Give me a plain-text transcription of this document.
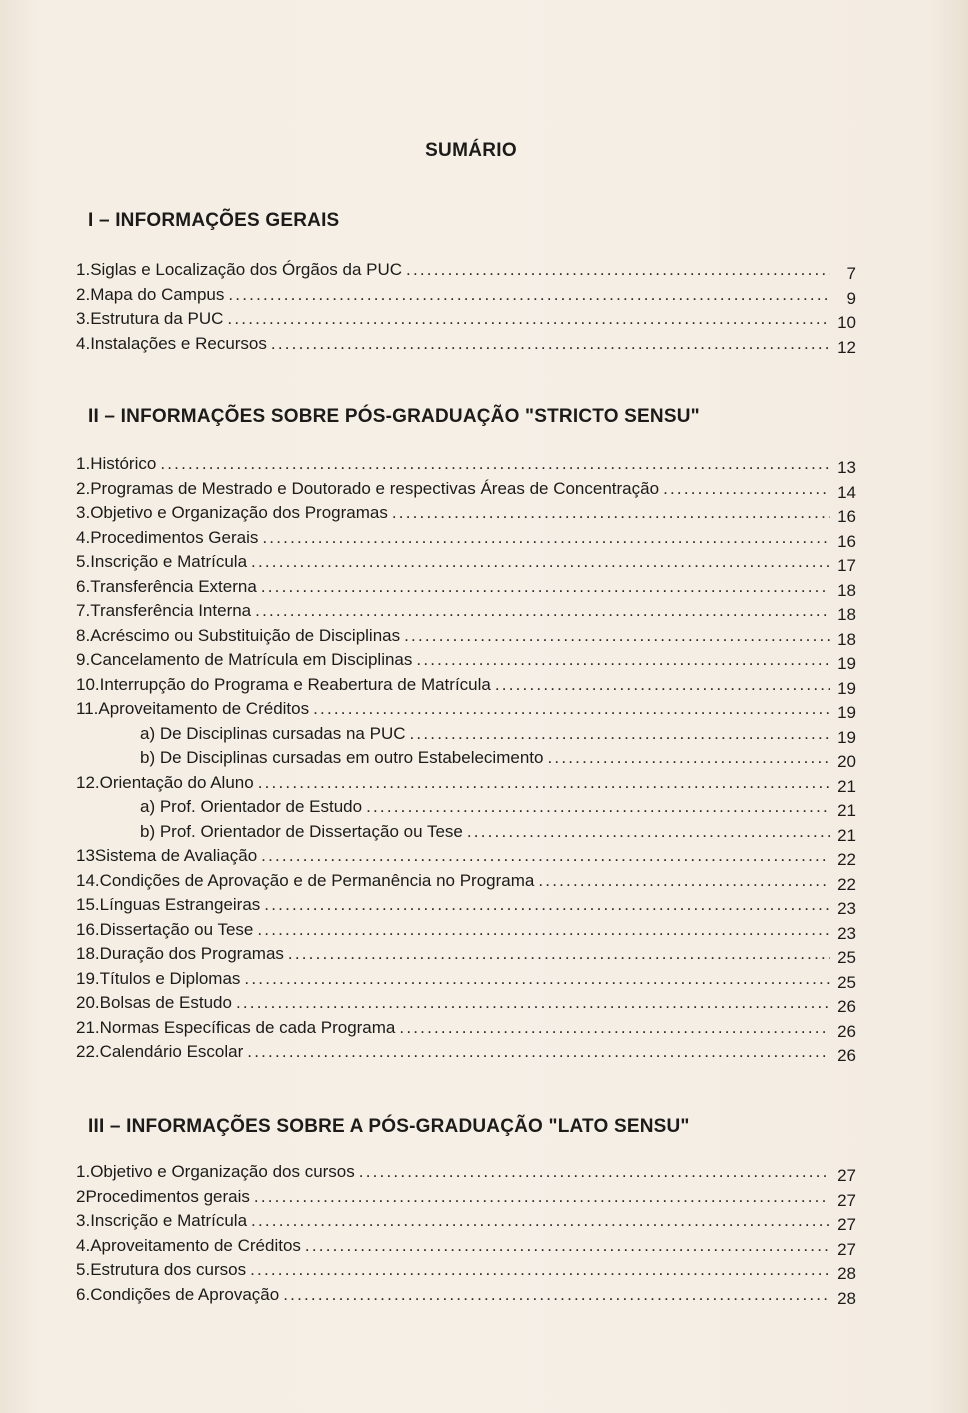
SUMÁRIO
I – INFORMAÇÕES GERAIS
1. Siglas e Localização dos Órgãos da PUC .....	7
2. Mapa do Campus .....	9
3. Estrutura da PUC .....	10
4. Instalações e Recursos .....	12
II – INFORMAÇÕES SOBRE PÓS-GRADUAÇÃO "STRICTO SENSU"
1. Histórico .....	13
2. Programas de Mestrado e Doutorado e respectivas Áreas de Concentração .....	14
3. Objetivo e Organização dos Programas .....	16
4. Procedimentos Gerais .....	16
5. Inscrição e Matrícula .....	17
6. Transferência Externa .....	18
7. Transferência Interna .....	18
8. Acréscimo ou Substituição de Disciplinas .....	18
9. Cancelamento de Matrícula em Disciplinas .....	19
10. Interrupção do Programa e Reabertura de Matrícula .....	19
11. Aproveitamento de Créditos .....	19
a) De Disciplinas cursadas na PUC .....	19
b) De Disciplinas cursadas em outro Estabelecimento .....	20
12. Orientação do Aluno .....	21
a) Prof. Orientador de Estudo .....	21
b) Prof. Orientador de Dissertação ou Tese .....	21
13 Sistema de Avaliação .....	22
14. Condições de Aprovação e de Permanência no Programa .....	22
15. Línguas Estrangeiras .....	23
16. Dissertação ou Tese .....	23
18. Duração dos Programas .....	25
19. Títulos e Diplomas .....	25
20. Bolsas de Estudo .....	26
21. Normas Específicas de cada Programa .....	26
22. Calendário Escolar .....	26
III – INFORMAÇÕES SOBRE A PÓS-GRADUAÇÃO "LATO SENSU"
1. Objetivo e Organização dos cursos .....	27
2 Procedimentos gerais .....	27
3. Inscrição e Matrícula .....	27
4. Aproveitamento de Créditos .....	27
5. Estrutura dos cursos .....	28
6. Condições de Aprovação .....	28
